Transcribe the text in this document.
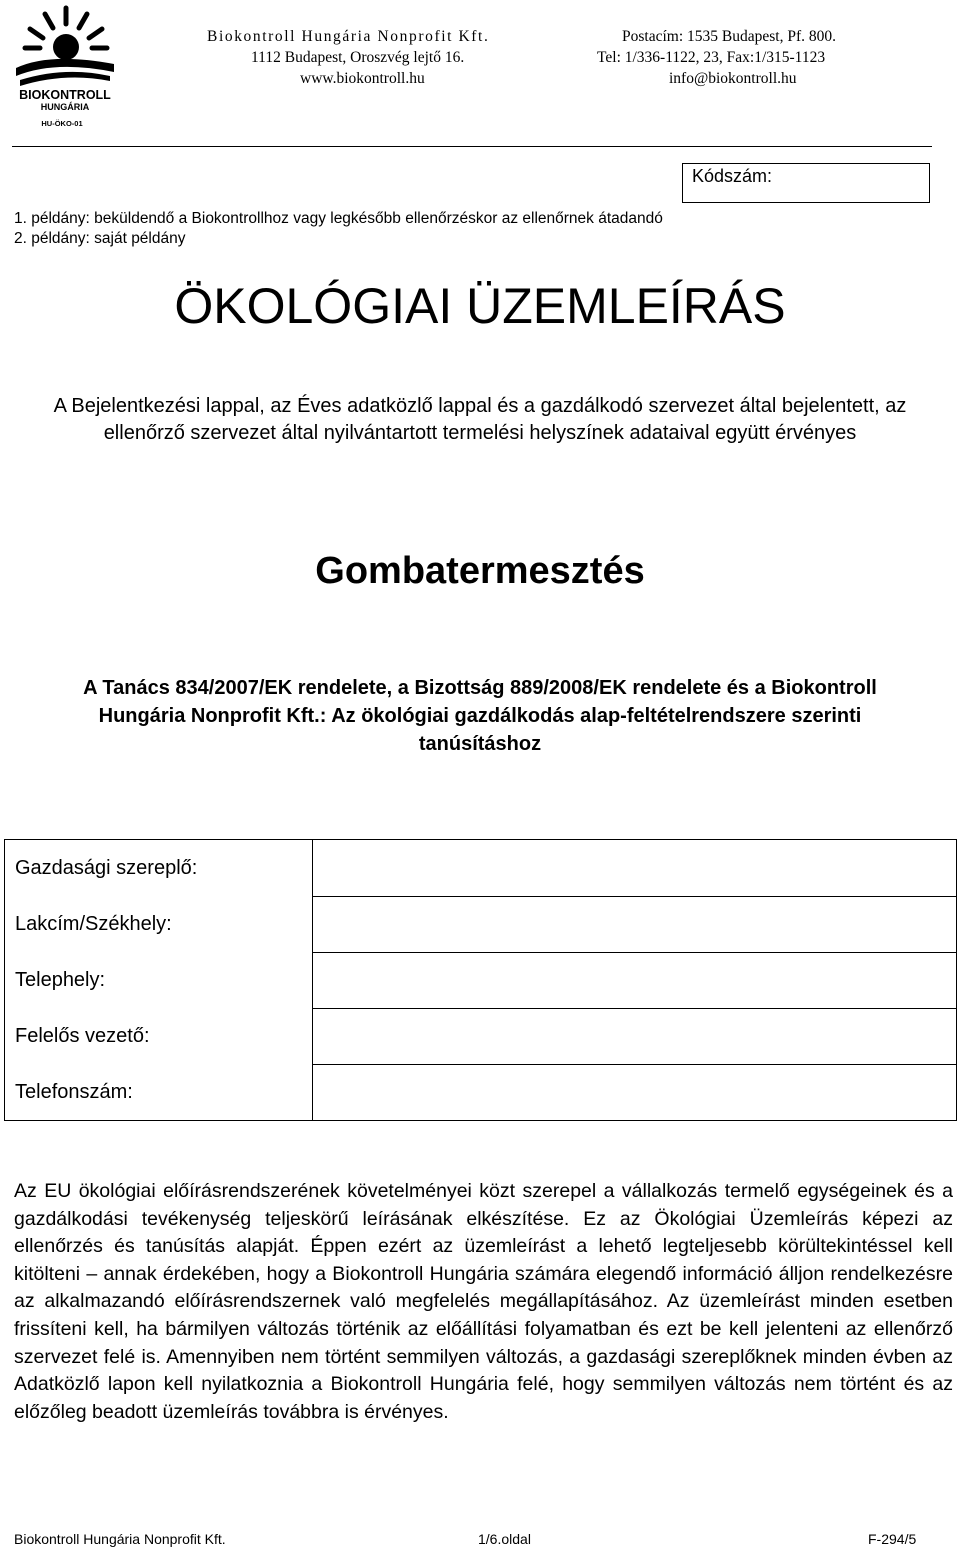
BIOKONTROLL
HUNGÁRIA
HU-ÖKO-01
Biokontroll Hungária Nonprofit Kft.
1112 Budapest, Oroszvég lejtő 16.
www.biokontroll.hu
Postacím: 1535 Budapest, Pf. 800.
Tel: 1/336-1122, 23, Fax:1/315-1123
info@biokontroll.hu
Kódszám:
1. példány: beküldendő a Biokontrollhoz vagy legkésőbb ellenőrzéskor az ellenőrnek átadandó
2. példány: saját példány
ÖKOLÓGIAI ÜZEMLEÍRÁS
A Bejelentkezési lappal, az Éves adatközlő lappal és a gazdálkodó szervezet által bejelentett, az ellenőrző szervezet által nyilvántartott termelési helyszínek adataival együtt érvényes
Gombatermesztés
A Tanács 834/2007/EK rendelete, a Bizottság 889/2008/EK rendelete és a Biokontroll Hungária Nonprofit Kft.: Az ökológiai gazdálkodás alap-feltételrendszere szerinti tanúsításhoz
Gazdasági szereplő:	
Lakcím/Székhely:	
Telephely:	
Felelős vezető:	
Telefonszám:	
Az EU ökológiai előírásrendszerének követelményei közt szerepel a vállalkozás termelő egységeinek és a gazdálkodási tevékenység teljeskörű leírásának elkészítése. Ez az Ökológiai Üzemleírás képezi az ellenőrzés és tanúsítás alapját. Éppen ezért az üzemleírást a lehető legteljesebb körültekintéssel kell kitölteni – annak érdekében, hogy a Biokontroll Hungária számára elegendő információ álljon rendelkezésre az alkalmazandó előírásrendszernek való megfelelés megállapításához. Az üzemleírást minden esetben frissíteni kell, ha bármilyen változás történik az előállítási folyamatban és ezt be kell jelenteni az ellenőrző szervezet felé is. Amennyiben nem történt semmilyen változás, a gazdasági szereplőknek minden évben az Adatközlő lapon kell nyilatkoznia a Biokontroll Hungária felé, hogy semmilyen változás nem történt és az előzőleg beadott üzemleírás továbbra is érvényes.
Biokontroll Hungária Nonprofit Kft.	1/6.oldal	F-294/5
